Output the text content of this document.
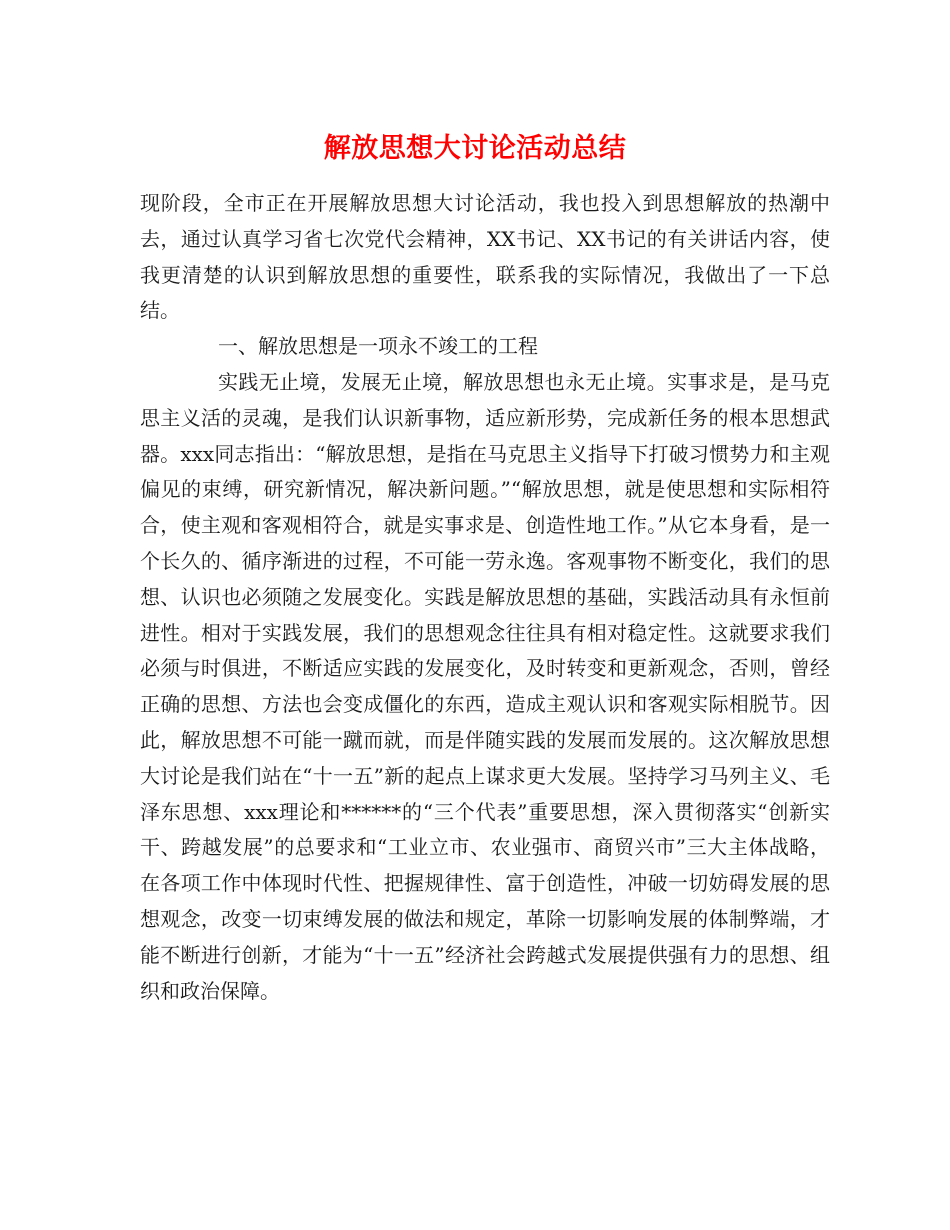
解放思想大讨论活动总结

现阶段，全市正在开展解放思想大讨论活动，我也投入到思想解放的热潮中去，通过认真学习省七次党代会精神，XX书记、XX书记的有关讲话内容，使我更清楚的认识到解放思想的重要性，联系我的实际情况，我做出了一下总结。

一、解放思想是一项永不竣工的工程

实践无止境，发展无止境，解放思想也永无止境。实事求是，是马克思主义活的灵魂，是我们认识新事物，适应新形势，完成新任务的根本思想武器。xxx同志指出：“解放思想，是指在马克思主义指导下打破习惯势力和主观偏见的束缚，研究新情况，解决新问题。”“解放思想，就是使思想和实际相符合，使主观和客观相符合，就是实事求是、创造性地工作。”从它本身看，是一个长久的、循序渐进的过程，不可能一劳永逸。客观事物不断变化，我们的思想、认识也必须随之发展变化。实践是解放思想的基础，实践活动具有永恒前进性。相对于实践发展，我们的思想观念往往具有相对稳定性。这就要求我们必须与时俱进，不断适应实践的发展变化，及时转变和更新观念，否则，曾经正确的思想、方法也会变成僵化的东西，造成主观认识和客观实际相脱节。因此，解放思想不可能一蹴而就，而是伴随实践的发展而发展的。这次解放思想大讨论是我们站在“十一五”新的起点上谋求更大发展。坚持学习马列主义、毛泽东思想、xxx理论和******的“三个代表”重要思想，深入贯彻落实“创新实干、跨越发展”的总要求和“工业立市、农业强市、商贸兴市”三大主体战略，在各项工作中体现时代性、把握规律性、富于创造性，冲破一切妨碍发展的思想观念，改变一切束缚发展的做法和规定，革除一切影响发展的体制弊端，才能不断进行创新，才能为“十一五”经济社会跨越式发展提供强有力的思想、组织和政治保障。
